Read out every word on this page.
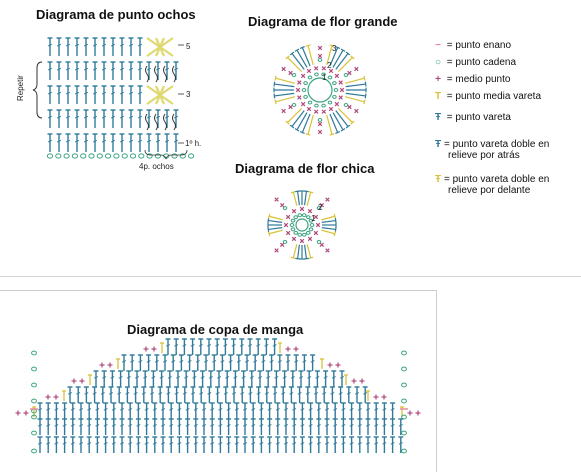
Diagrama de punto ochos
5
3
1º h.
4p. ochos
Repetir
Diagrama de flor grande
3
2
1
Diagrama de flor chica
2
1
− = punto enano
○ = punto cadena
+ = medio punto
T = punto media vareta
Ŧ = punto vareta
Ŧ = punto vareta doble en
relieve por atrás
Ŧ = punto vareta doble en
relieve por delante
Diagrama de copa de manga
